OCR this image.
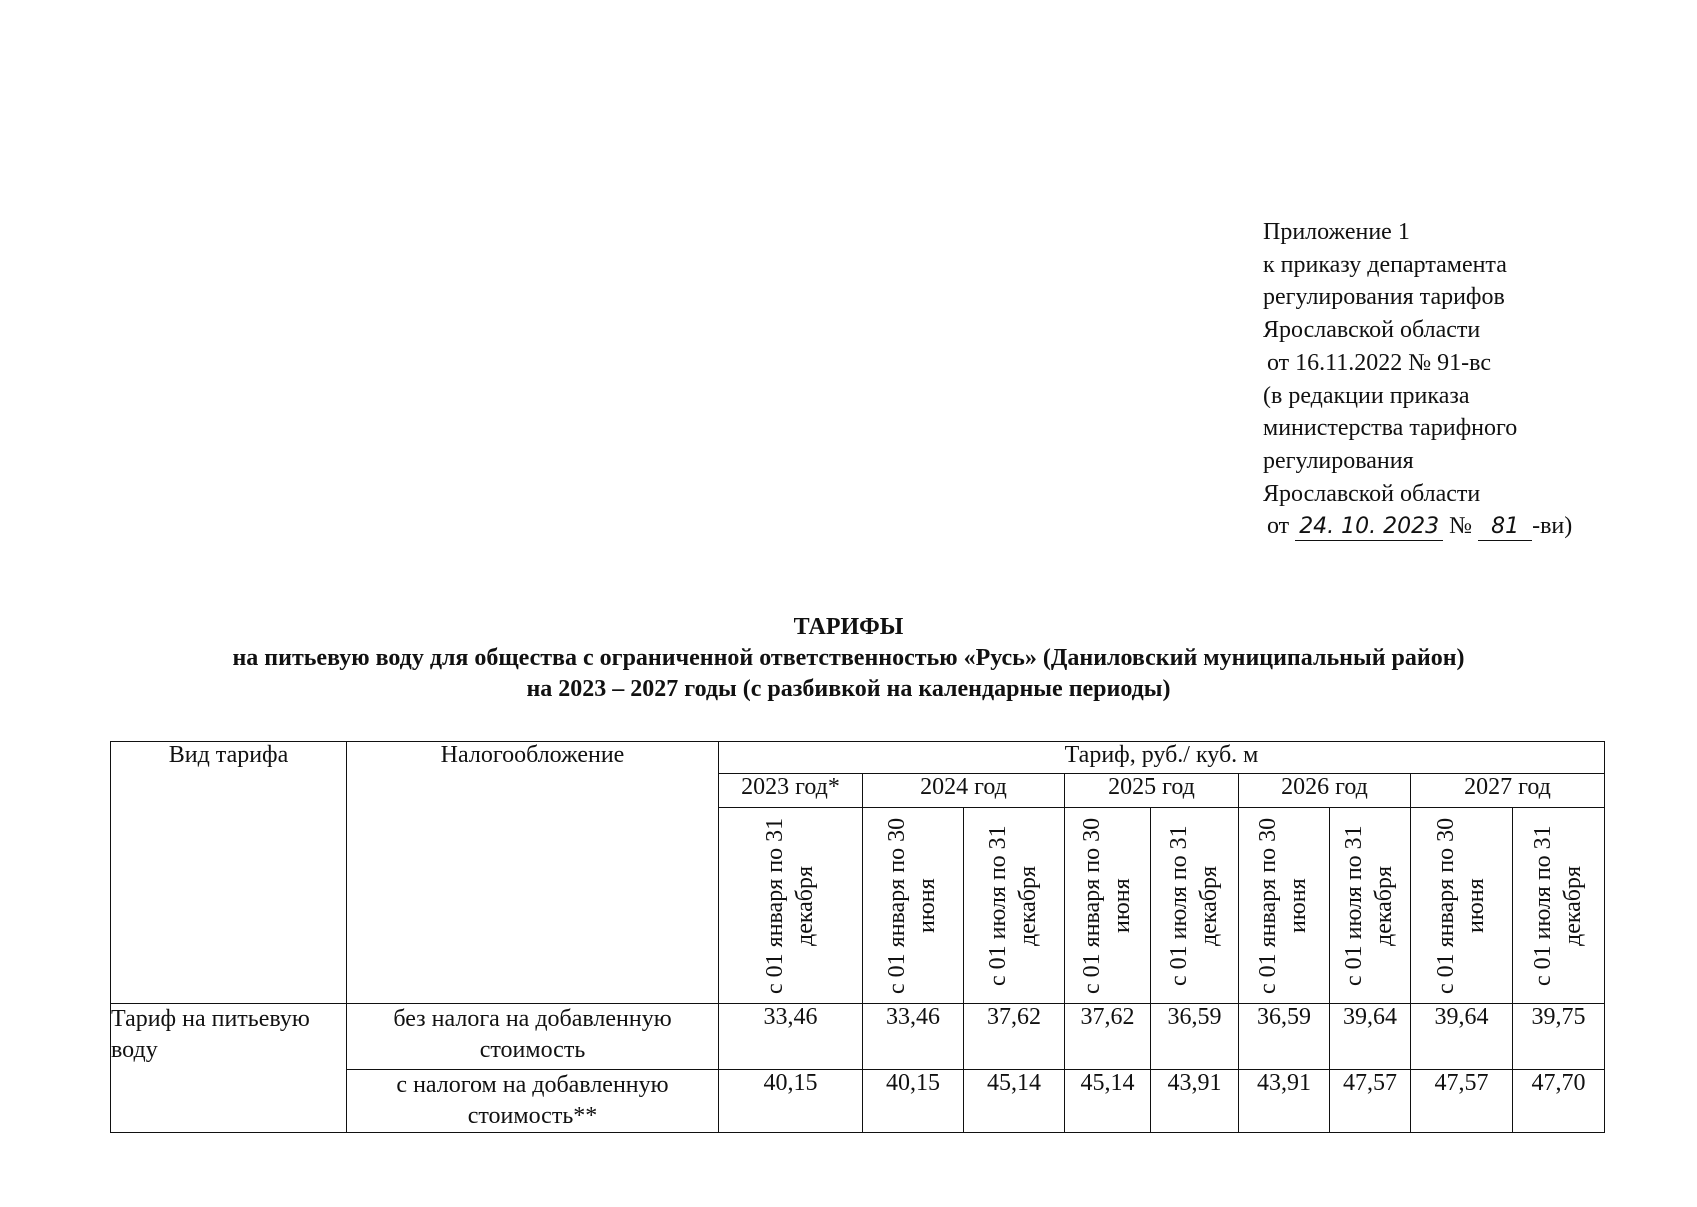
Приложение 1
к приказу департамента
регулирования тарифов
Ярославской области
от 16.11.2022 № 91-вс
(в редакции приказа
министерства тарифного
регулирования
Ярославской области
от 24. 10. 2023 № 81 -ви)
ТАРИФЫ
на питьевую воду для общества с ограниченной ответственностью «Русь» (Даниловский муниципальный район)
на 2023 – 2027 годы (с разбивкой на календарные периоды)
Вид тарифа	Налогообложение	Тариф, руб./ куб. м								
		2023 год*	2024 год		2025 год		2026 год		2027 год	
		с 01 января по 31 декабря	с 01 января по 30 июня	с 01 июля по 31 декабря	с 01 января по 30 июня	с 01 июля по 31 декабря	с 01 января по 30 июня	с 01 июля по 31 декабря	с 01 января по 30 июня	с 01 июля по 31 декабря
Тариф на питьевую воду	без налога на добавленную стоимость	33,46	33,46	37,62	37,62	36,59	36,59	39,64	39,64	39,75
	с налогом на добавленную стоимость**	40,15	40,15	45,14	45,14	43,91	43,91	47,57	47,57	47,70
